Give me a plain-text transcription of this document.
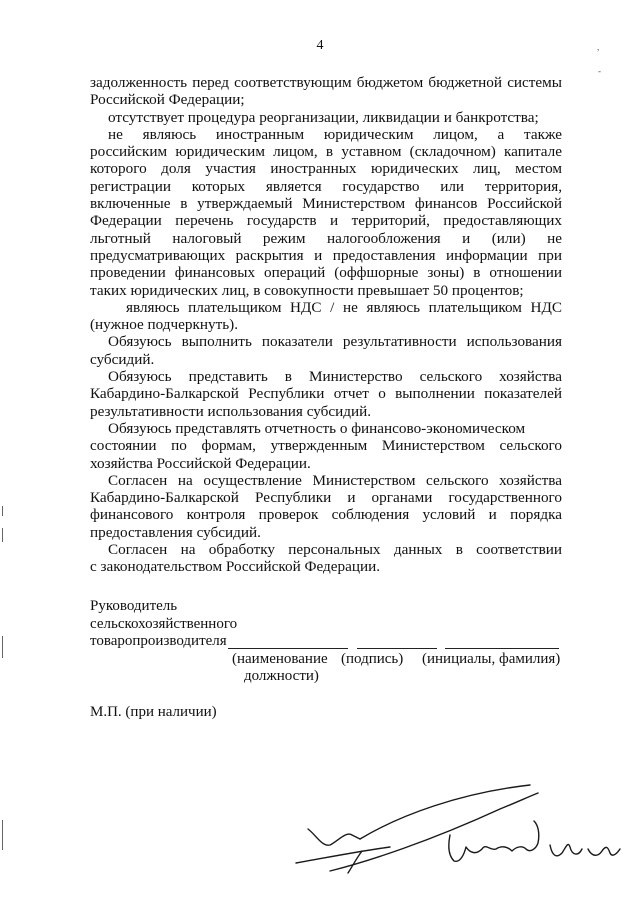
4	,
-
задолженность перед соответствующим бюджетом бюджетной системы
Российской Федерации;
отсутствует процедура реорганизации, ликвидации и банкротства;
не являюсь иностранным юридическим лицом, а также
российским юридическим лицом, в уставном (складочном) капитале
которого доля участия иностранных юридических лиц, местом
регистрации которых является государство или территория,
включенные в утверждаемый Министерством финансов Российской
Федерации перечень государств и территорий, предоставляющих
льготный налоговый режим налогообложения и (или) не
предусматривающих раскрытия и предоставления информации при
проведении финансовых операций (оффшорные зоны) в отношении
таких юридических лиц, в совокупности превышает 50 процентов;
являюсь плательщиком НДС / не являюсь плательщиком НДС
(нужное подчеркнуть).
Обязуюсь выполнить показатели результативности использования
субсидий.
Обязуюсь представить в Министерство сельского хозяйства
Кабардино-Балкарской Республики отчет о выполнении показателей
результативности использования субсидий.
Обязуюсь представлять отчетность о финансово-экономическом
состоянии по формам, утвержденным Министерством сельского
хозяйства Российской Федерации.
Согласен на осуществление Министерством сельского хозяйства
Кабардино-Балкарской Республики и органами государственного
финансового контроля проверок соблюдения условий и порядка
предоставления субсидий.
Согласен на обработку персональных данных в соответствии
с законодательством Российской Федерации.
Руководитель
сельскохозяйственного
товаропроизводителя
(наименование (подпись) (инициалы, фамилия)
должности)
М.П. (при наличии)
